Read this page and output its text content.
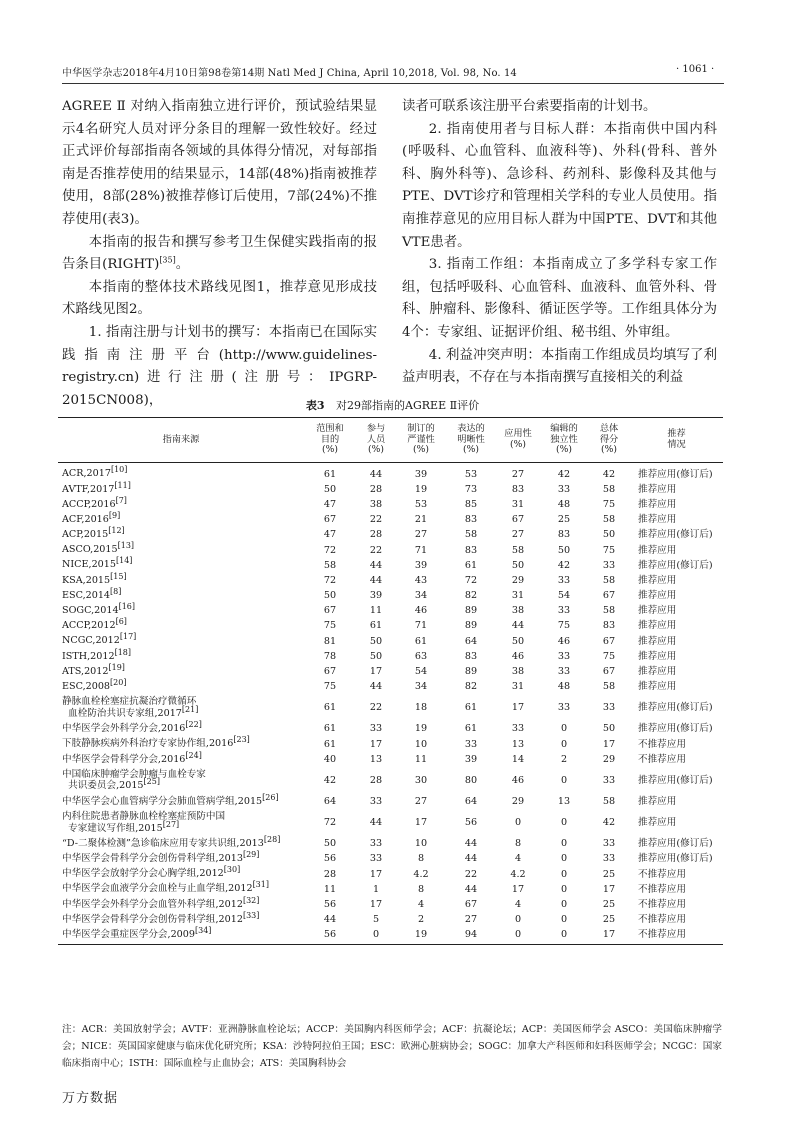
中华医学杂志2018年4月10日第98卷第14期 Natl Med J China, April 10,2018, Vol. 98, No. 14	· 1061 ·

AGREE Ⅱ 对纳入指南独立进行评价，预试验结果显示4名研究人员对评分条目的理解一致性较好。经过正式评价每部指南各领域的具体得分情况，对每部指南是否推荐使用的结果显示，14部(48%)指南被推荐使用，8部(28%)被推荐修订后使用，7部(24%)不推荐使用(表3)。

本指南的报告和撰写参考卫生保健实践指南的报告条目(RIGHT)[35]。

本指南的整体技术路线见图1，推荐意见形成技术路线见图2。

1. 指南注册与计划书的撰写：本指南已在国际实践指南注册平台(http://www.guidelines-registry.cn)进行注册(注册号：IPGRP-2015CN008)，

读者可联系该注册平台索要指南的计划书。

2. 指南使用者与目标人群：本指南供中国内科(呼吸科、心血管科、血液科等)、外科(骨科、普外科、胸外科等)、急诊科、药剂科、影像科及其他与PTE、DVT诊疗和管理相关学科的专业人员使用。指南推荐意见的应用目标人群为中国PTE、DVT和其他VTE患者。

3. 指南工作组：本指南成立了多学科专家工作组，包括呼吸科、心血管科、血液科、血管外科、骨科、肿瘤科、影像科、循证医学等。工作组具体分为4个：专家组、证据评价组、秘书组、外审组。

4. 利益冲突声明：本指南工作组成员均填写了利益声明表，不存在与本指南撰写直接相关的利益

表3 对29部指南的AGREE Ⅱ评价
指南来源	范围和
目的
(%)	参与
人员
(%)	制订的
严谨性
(%)	表达的
明晰性
(%)	应用性
(%)	编辑的
独立性
(%)	总体
得分
(%)	推荐
情况

ACR,2017[10]	61	44	39	53	27	42	42	推荐应用(修订后)

AVTF,2017[11]	50	28	19	73	83	33	58	推荐应用

ACCP,2016[7]	47	38	53	85	31	48	75	推荐应用

ACF,2016[9]	67	22	21	83	67	25	58	推荐应用

ACP,2015[12]	47	28	27	58	27	83	50	推荐应用(修订后)

ASCO,2015[13]	72	22	71	83	58	50	75	推荐应用

NICE,2015[14]	58	44	39	61	50	42	33	推荐应用(修订后)

KSA,2015[15]	72	44	43	72	29	33	58	推荐应用

ESC,2014[8]	50	39	34	82	31	54	67	推荐应用

SOGC,2014[16]	67	11	46	89	38	33	58	推荐应用

ACCP,2012[6]	75	61	71	89	44	75	83	推荐应用

NCGC,2012[17]	81	50	61	64	50	46	67	推荐应用

ISTH,2012[18]	78	50	63	83	46	33	75	推荐应用

ATS,2012[19]	67	17	54	89	38	33	67	推荐应用

ESC,2008[20]	75	44	34	82	31	48	58	推荐应用

静脉血栓栓塞症抗凝治疗微循环
血栓防治共识专家组,2017[21]	61	22	18	61	17	33	33	推荐应用(修订后)

中华医学会外科学分会,2016[22]	61	33	19	61	33	0	50	推荐应用(修订后)

下肢静脉疾病外科治疗专家协作组,2016[23]	61	17	10	33	13	0	17	不推荐应用

中华医学会骨科学分会,2016[24]	40	13	11	39	14	2	29	不推荐应用

中国临床肿瘤学会肿瘤与血栓专家
共识委员会,2015[25]	42	28	30	80	46	0	33	推荐应用(修订后)

中华医学会心血管病学分会肺血管病学组,2015[26]	64	33	27	64	29	13	58	推荐应用

内科住院患者静脉血栓栓塞症预防中国
专家建议写作组,2015[27]	72	44	17	56	0	0	42	推荐应用

“D-二聚体检测”急诊临床应用专家共识组,2013[28]	50	33	10	44	8	0	33	推荐应用(修订后)

中华医学会骨科学分会创伤骨科学组,2013[29]	56	33	8	44	4	0	33	推荐应用(修订后)

中华医学会放射学分会心胸学组,2012[30]	28	17	4.2	22	4.2	0	25	不推荐应用

中华医学会血液学分会血栓与止血学组,2012[31]	11	1	8	44	17	0	17	不推荐应用

中华医学会外科学分会血管外科学组,2012[32]	56	17	4	67	4	0	25	不推荐应用

中华医学会骨科学分会创伤骨科学组,2012[33]	44	5	2	27	0	0	25	不推荐应用

中华医学会重症医学分会,2009[34]	56	0	19	94	0	0	17	不推荐应用
注：ACR：美国放射学会；AVTF：亚洲静脉血栓论坛；ACCP：美国胸内科医师学会；ACF：抗凝论坛；ACP：美国医师学会 ASCO：美国临床肿瘤学会；NICE：英国国家健康与临床优化研究所；KSA：沙特阿拉伯王国；ESC：欧洲心脏病协会；SOGC：加拿大产科医师和妇科医师学会；NCGC：国家临床指南中心；ISTH：国际血栓与止血协会；ATS：美国胸科协会
万方数据
